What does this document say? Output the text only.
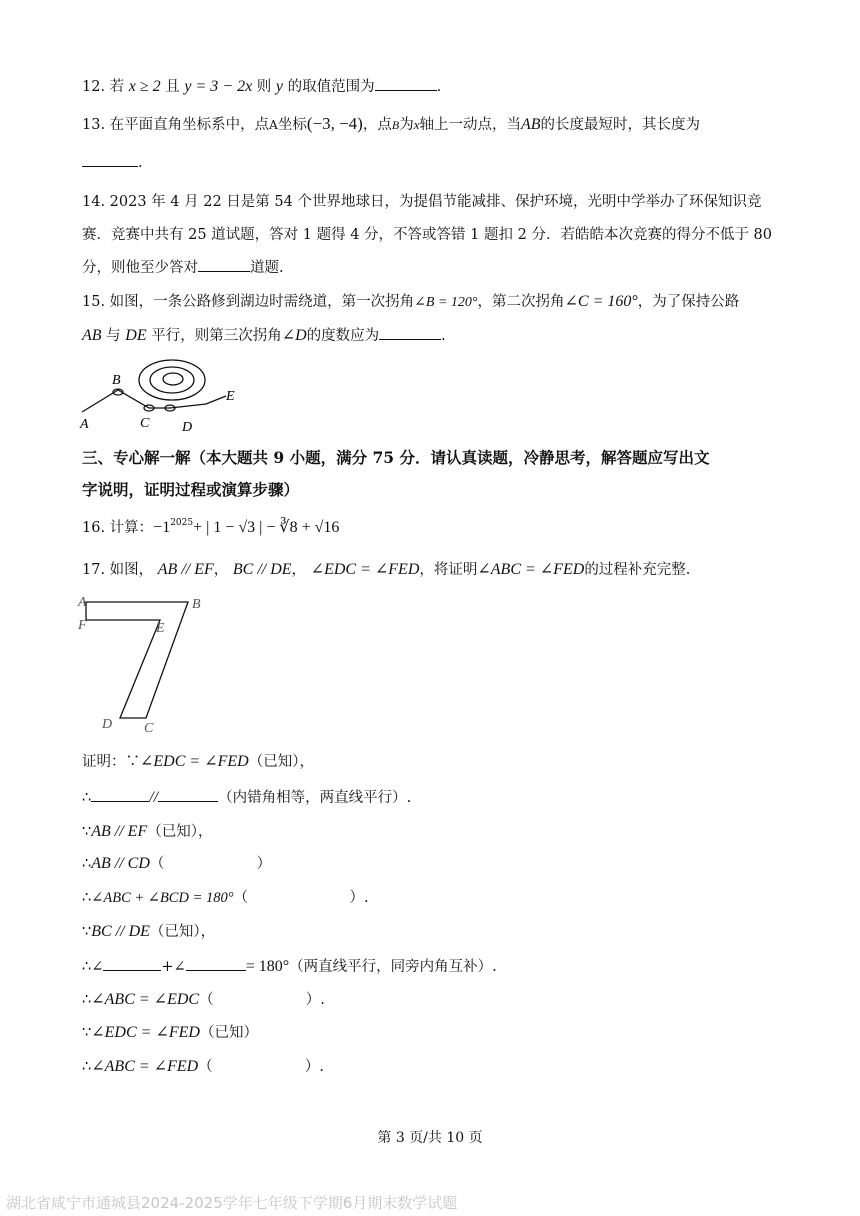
12. 若 x ≥ 2 且 y = 3 − 2x 则 y 的取值范围为	.
13. 在平面直角坐标系中，点A坐标(−3, −4)，点B为x轴上一动点，当AB的长度最短时，其长度为
.
14. 2023 年 4 月 22 日是第 54 个世界地球日，为提倡节能减排、保护环境，光明中学举办了环保知识竞
赛．竞赛中共有 25 道试题，答对 1 题得 4 分，不答或答错 1 题扣 2 分．若皓皓本次竞赛的得分不低于 80
分，则他至少答对	道题.
15. 如图，一条公路修到湖边时需绕道，第一次拐角∠B = 120°，第二次拐角∠C = 160°，为了保持公路
AB 与 DE 平行，则第三次拐角∠D的度数应为	.
B
A	C D
E
三、专心解一解（本大题共 9 小题，满分 75 分．请认真读题，冷静思考，解答题应写出文
字说明，证明过程或演算步骤）
16. 计算：$-1^{2025}+$ | 1 − √3 | − ∛8 + √16
17. 如图， AB // EF， BC // DE， ∠EDC = ∠FED，将证明∠ABC = ∠FED的过程补充完整.
A	B
F	E
D C
证明：∵∠EDC = ∠FED（已知），
∴	//	（内错角相等，两直线平行）.
∵AB // EF（已知），
∴AB // CD（                    ）
∴∠ABC + ∠BCD = 180°（                      ）.
∵BC // DE（已知），
∴∠	+∠	= 180°（两直线平行，同旁内角互补）.
∴∠ABC = ∠EDC（                    ）.
∵∠EDC = ∠FED（已知）
∴∠ABC = ∠FED（                    ）.
第 3 页/共 10 页
湖北省咸宁市通城县2024-2025学年七年级下学期6月期末数学试题
